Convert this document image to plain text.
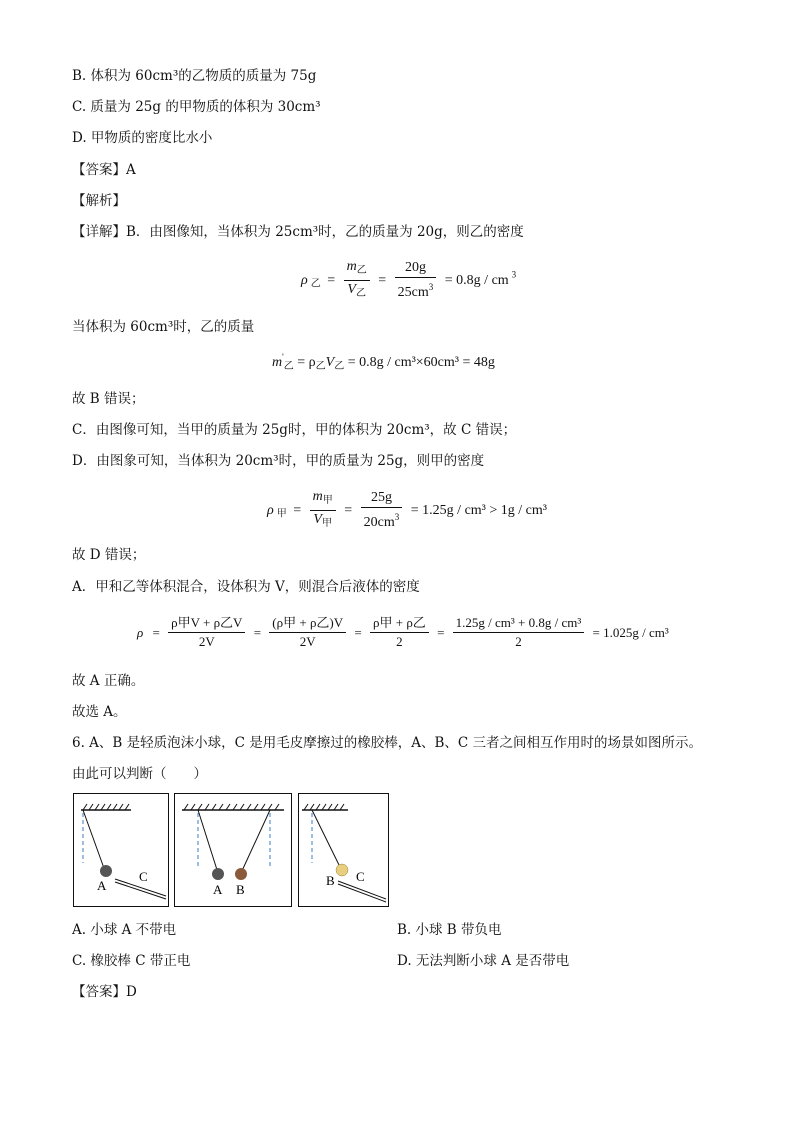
B. 体积为 60cm³的乙物质的质量为 75g
C. 质量为 25g 的甲物质的体积为 30cm³
D. 甲物质的密度比水小
【答案】A
【解析】
【详解】B．由图像知，当体积为 25cm³时，乙的质量为 20g，则乙的密度
ρ $_乙 = \frac{m_乙}{V_乙} = \frac{20g}{25cm^3} = 0.8g$ / cm $^3$
当体积为 60cm³时，乙的质量
$m'_乙 = \rho_乙V_乙 = 0.8g / cm^3\times 60cm^3 = 48g$
故 B 错误；
C．由图像可知，当甲的质量为 25g时，甲的体积为 20cm³，故 C 错误；
D．由图象可知，当体积为 20cm³时，甲的质量为 25g，则甲的密度
ρ $_甲 = \frac{m_甲}{V_甲} = \frac{25g}{20cm^3} = 1.25g / cm^3 > 1g / cm^3$
故 D 错误；
A．甲和乙等体积混合，设体积为 V，则混合后液体的密度
$\rho = \frac{\text{ρ甲V + ρ乙V}}{2V} = \frac{\text{(ρ甲 + ρ乙)V}}{2V} = \frac{\text{ρ甲 + ρ乙}}{2} = \frac{\text{1.25g / cm³ + 0.8g / cm³}}{2} = 1.025g / cm^3$
故 A 正确。
故选 A。
6. A、B 是轻质泡沫小球，C 是用毛皮摩擦过的橡胶棒，A、B、C 三者之间相互作用时的场景如图所示。
由此可以判断（　　）
A
C
A B
B C
A. 小球 A 不带电	B. 小球 B 带负电
C. 橡胶棒 C 带正电	D. 无法判断小球 A 是否带电
【答案】D
